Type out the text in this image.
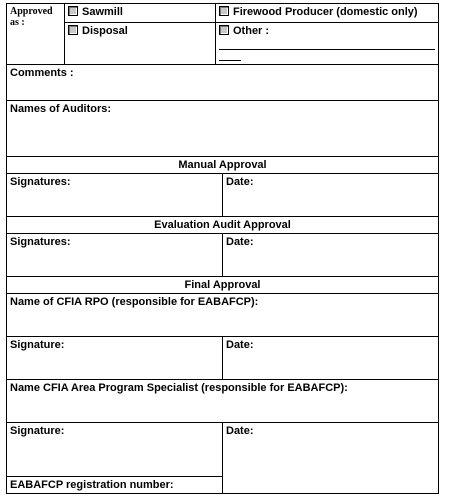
Approved as :	Sawmill	Firewood Producer (domestic only)
	Disposal	Other :
Comments :	
Names of Auditors:	
Manual Approval	
Signatures:	Date:
Evaluation Audit Approval	
Signatures:	Date:
Final Approval	
Name of CFIA RPO (responsible for EABAFCP):	
Signature:	Date:
Name CFIA Area Program Specialist (responsible for EABAFCP):	
Signature:	Date:
EABAFCP registration number:	
